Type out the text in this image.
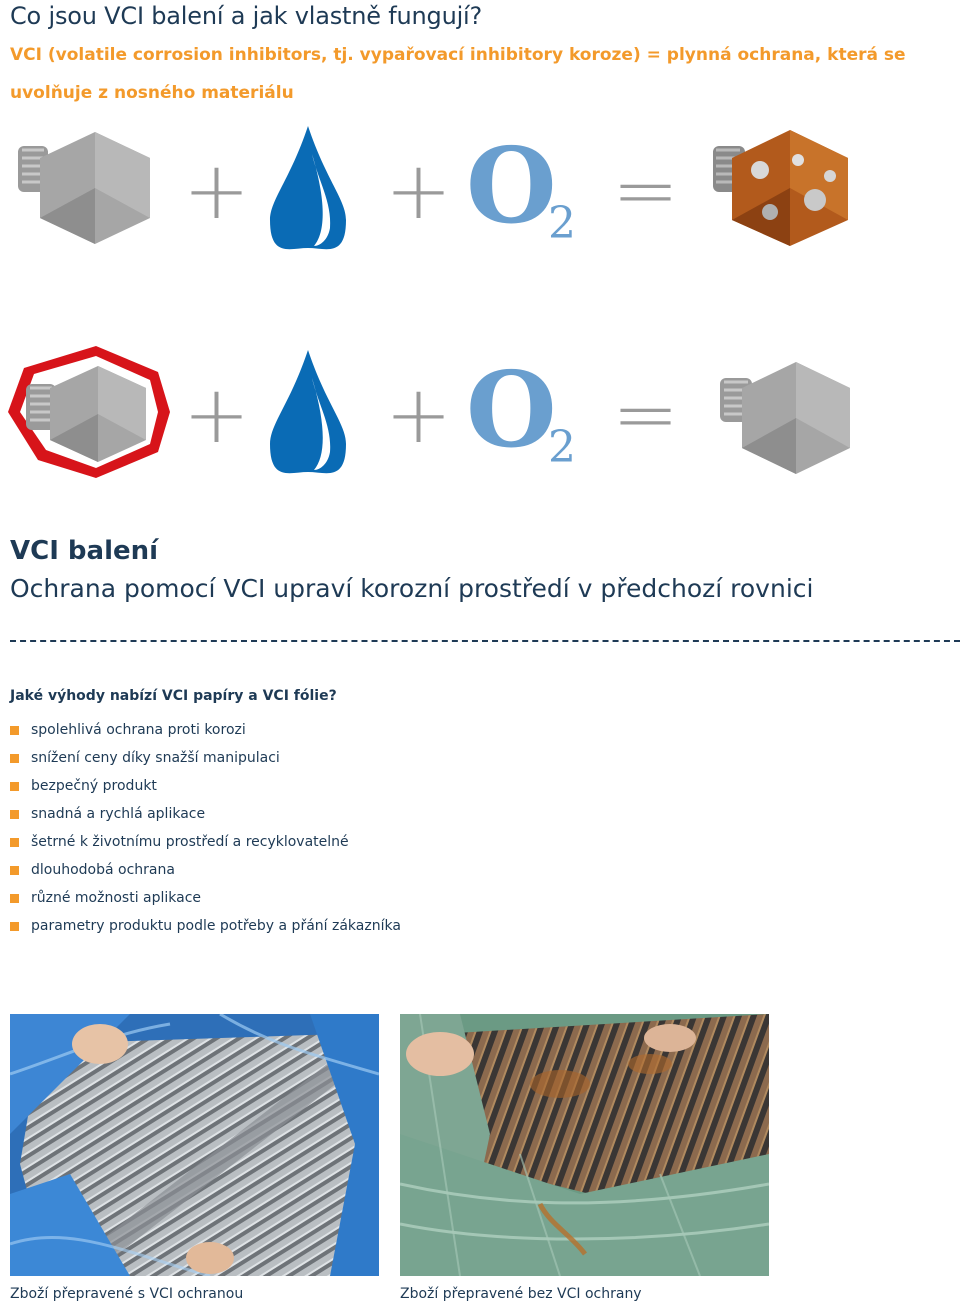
Co jsou VCI balení a jak vlastně fungují?

VCI (volatile corrosion inhibitors, tj. vypařovací inhibitory koroze) = plynná ochrana, která se uvolňuje z nosného materiálu

+ + O
2 =
+ + O
2 =
VCI balení

Ochrana pomocí VCI upraví korozní prostředí v předchozí rovnici

Jaké výhody nabízí VCI papíry a VCI fólie?
spolehlivá ochrana proti korozi
snížení ceny díky snažší manipulaci
bezpečný produkt
snadná a rychlá aplikace
šetrné k životnímu prostředí a recyklovatelné
dlouhodobá ochrana
různé možnosti aplikace
parametry produktu podle potřeby a přání zákazníka

Zboží přepravené s VCI ochranou	Zboží přepravené bez VCI ochrany
